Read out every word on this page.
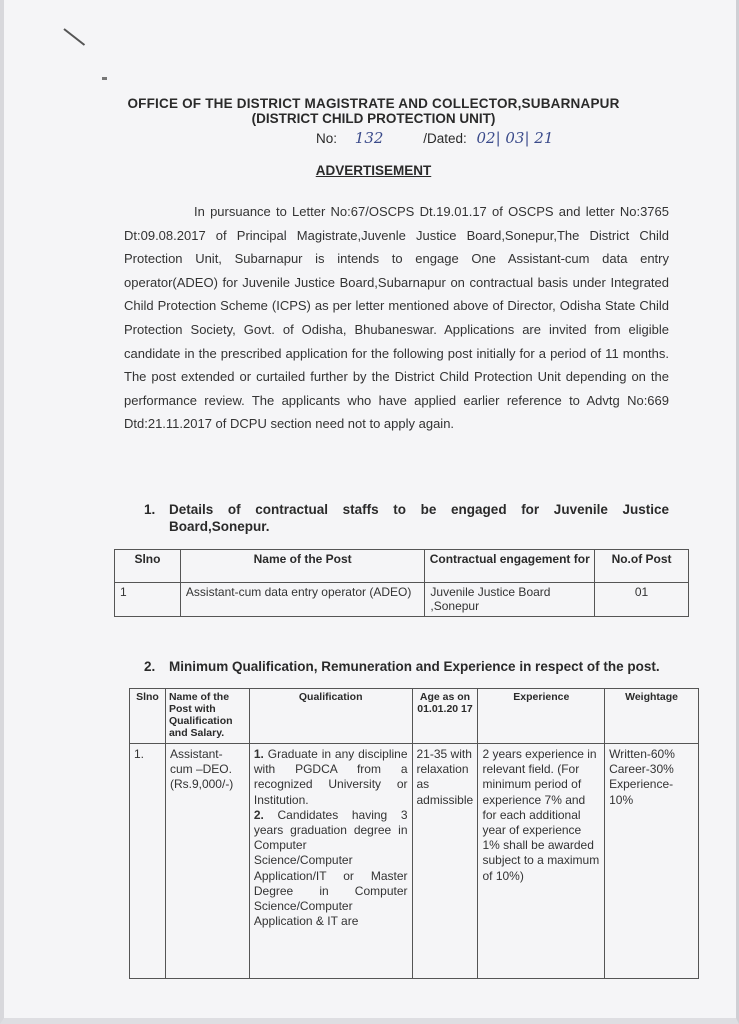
OFFICE OF THE DISTRICT MAGISTRATE AND COLLECTOR,SUBARNAPUR
(DISTRICT CHILD PROTECTION UNIT)
No: 132	/Dated: 02| 03| 21
ADVERTISEMENT
In pursuance to Letter No:67/OSCPS Dt.19.01.17 of OSCPS and letter No:3765 Dt:09.08.2017 of Principal Magistrate,Juvenle Justice Board,Sonepur,The District Child Protection Unit, Subarnapur is intends to engage One Assistant-cum data entry operator(ADEO) for Juvenile Justice Board,Subarnapur on contractual basis under Integrated Child Protection Scheme (ICPS) as per letter mentioned above of Director, Odisha State Child Protection Society, Govt. of Odisha, Bhubaneswar. Applications are invited from eligible candidate in the prescribed application for the following post initially for a period of 11 months. The post extended or curtailed further by the District Child Protection Unit depending on the performance review. The applicants who have applied earlier reference to Advtg No:669 Dtd:21.11.2017 of DCPU section need not to apply again.
1.	Details of contractual staffs to be engaged for Juvenile Justice Board,Sonepur.
Slno	Name of the Post	Contractual engagement for	No.of Post
1	Assistant-cum data entry operator (ADEO)	Juvenile Justice Board ,Sonepur	01
2.	Minimum Qualification, Remuneration and Experience in respect of the post.
Slno	Name of the Post with Qualification and Salary.	Qualification	Age as on 01.01.20 17	Experience	Weightage
1.	Assistant-cum –DEO. (Rs.9,000/-)	1. Graduate in any discipline with PGDCA from a recognized University or Institution.
2. Candidates having 3 years graduation degree in Computer Science/Computer Application/IT or Master Degree in Computer Science/Computer Application & IT are	21-35 with relaxation as admissible	2 years experience in relevant field. (For minimum period of experience 7% and for each additional year of experience 1% shall be awarded subject to a maximum of 10%)	Written-60% Career-30% Experience-10%
